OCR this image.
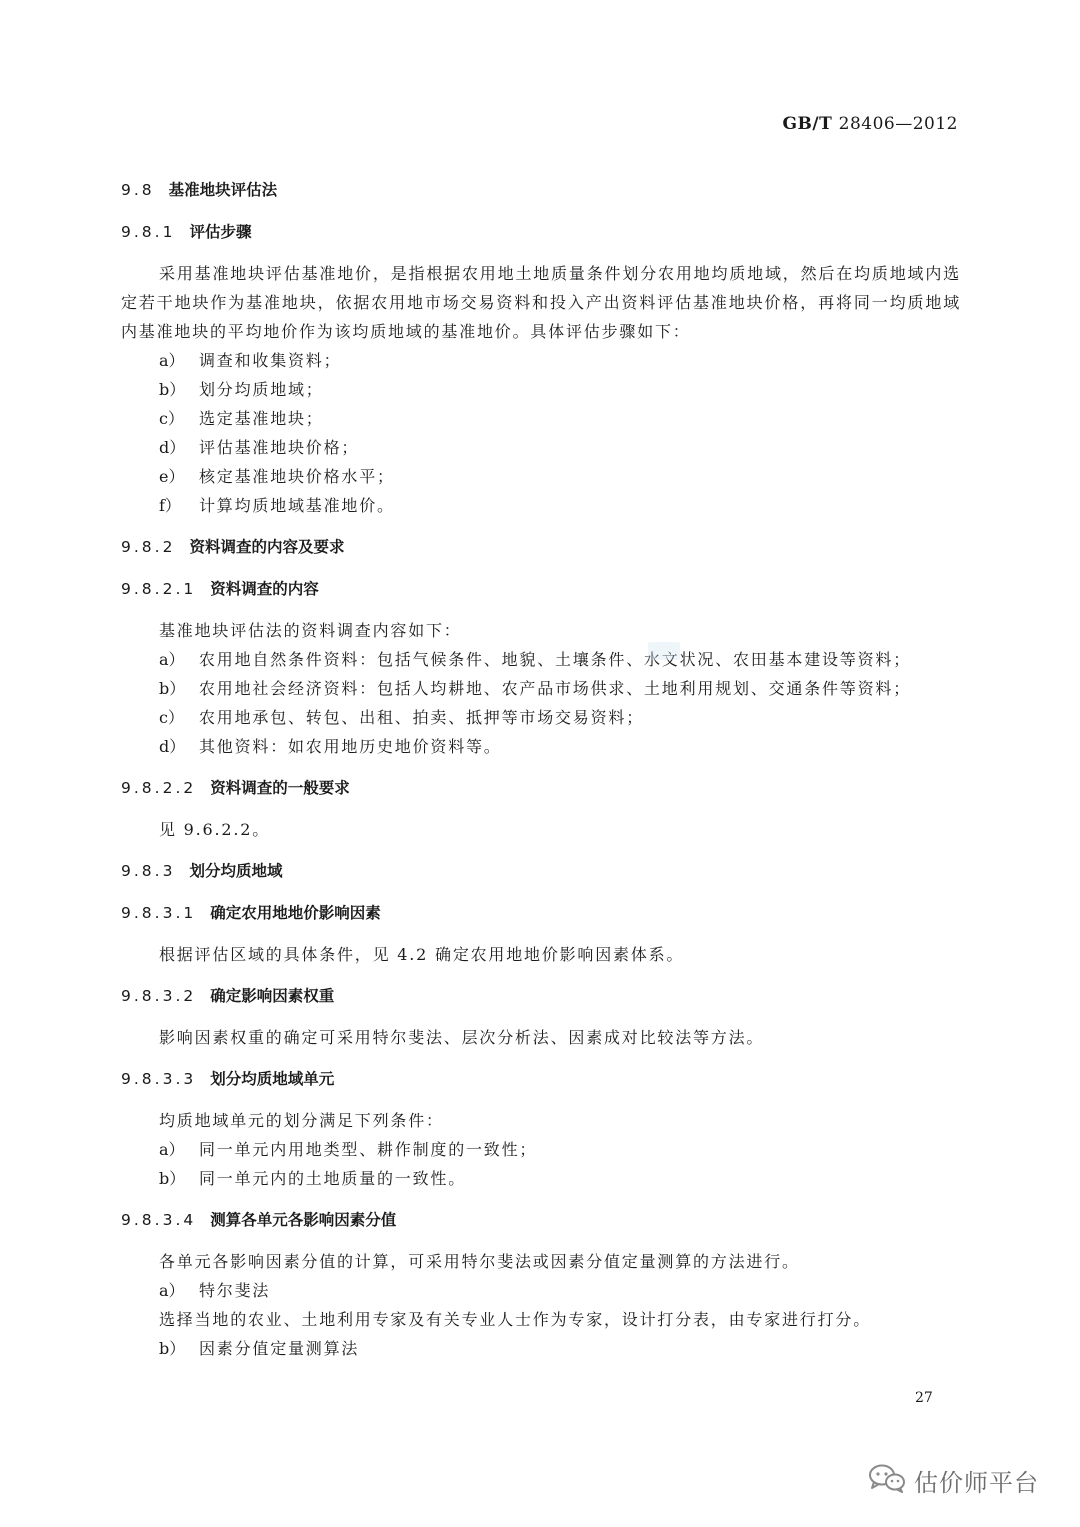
GB/T 28406—2012
9.8 基准地块评估法
9.8.1 评估步骤
采用基准地块评估基准地价，是指根据农用地土地质量条件划分农用地均质地域，然后在均质地域内选定若干地块作为基准地块，依据农用地市场交易资料和投入产出资料评估基准地块价格，再将同一均质地域内基准地块的平均地价作为该均质地域的基准地价。具体评估步骤如下：
a） 调查和收集资料；
b） 划分均质地域；
c） 选定基准地块；
d） 评估基准地块价格；
e） 核定基准地块价格水平；
f） 计算均质地域基准地价。
9.8.2 资料调查的内容及要求
9.8.2.1 资料调查的内容
基准地块评估法的资料调查内容如下：
a） 农用地自然条件资料：包括气候条件、地貌、土壤条件、水文状况、农田基本建设等资料；
b） 农用地社会经济资料：包括人均耕地、农产品市场供求、土地利用规划、交通条件等资料；
c） 农用地承包、转包、出租、拍卖、抵押等市场交易资料；
d） 其他资料：如农用地历史地价资料等。
9.8.2.2 资料调查的一般要求
见 9.6.2.2。
9.8.3 划分均质地域
9.8.3.1 确定农用地地价影响因素
根据评估区域的具体条件，见 4.2 确定农用地地价影响因素体系。
9.8.3.2 确定影响因素权重
影响因素权重的确定可采用特尔斐法、层次分析法、因素成对比较法等方法。
9.8.3.3 划分均质地域单元
均质地域单元的划分满足下列条件：
a） 同一单元内用地类型、耕作制度的一致性；
b） 同一单元内的土地质量的一致性。
9.8.3.4 测算各单元各影响因素分值
各单元各影响因素分值的计算，可采用特尔斐法或因素分值定量测算的方法进行。
a） 特尔斐法
选择当地的农业、土地利用专家及有关专业人士作为专家，设计打分表，由专家进行打分。
b） 因素分值定量测算法
27
估价师平台
